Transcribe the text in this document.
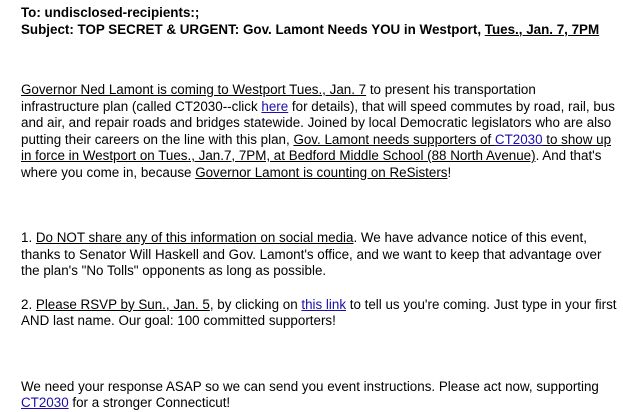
To: undisclosed-recipients:;
Subject: TOP SECRET & URGENT: Gov. Lamont Needs YOU in Westport, Tues., Jan. 7, 7PM

Governor Ned Lamont is coming to Westport Tues., Jan. 7 to present his transportation infrastructure plan (called CT2030--click here for details), that will speed commutes by road, rail, bus and air, and repair roads and bridges statewide. Joined by local Democratic legislators who are also putting their careers on the line with this plan, Gov. Lamont needs supporters of CT2030 to show up in force in Westport on Tues., Jan.7, 7PM, at Bedford Middle School (88 North Avenue). And that's where you come in, because Governor Lamont is counting on ReSisters!

1. Do NOT share any of this information on social media. We have advance notice of this event, thanks to Senator Will Haskell and Gov. Lamont's office, and we want to keep that advantage over the plan's "No Tolls" opponents as long as possible.

2. Please RSVP by Sun., Jan. 5, by clicking on this link to tell us you're coming. Just type in your first AND last name. Our goal: 100 committed supporters!

We need your response ASAP so we can send you event instructions. Please act now, supporting CT2030 for a stronger Connecticut!
